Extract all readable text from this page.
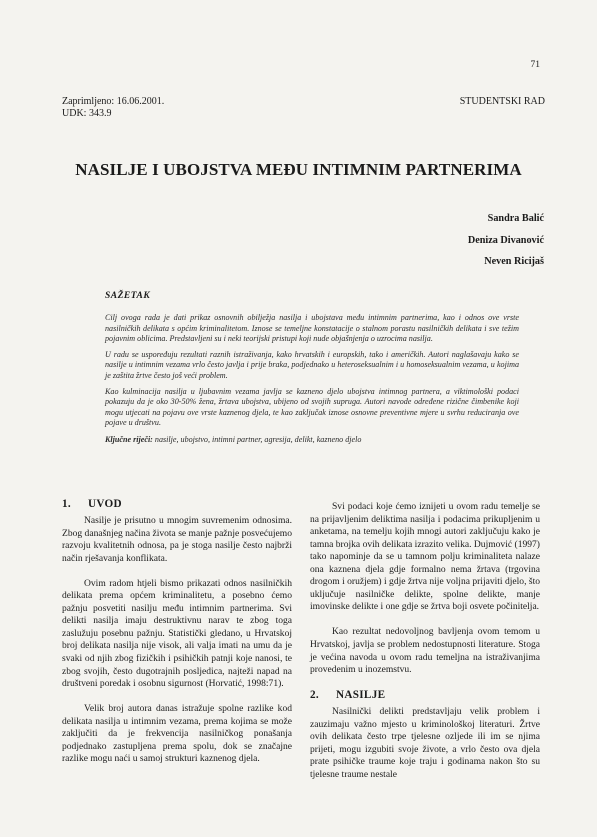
71
Zaprimljeno: 16.06.2001.
UDK: 343.9
STUDENTSKI RAD
NASILJE I UBOJSTVA MEĐU INTIMNIM PARTNERIMA
Sandra Balić
Deniza Divanović
Neven Ricijaš
SAŽETAK

Cilj ovoga rada je dati prikaz osnovnih obilježja nasilja i ubojstava među intimnim partnerima, kao i odnos ove vrste nasilničkih delikata s općim kriminalitetom. Iznose se temeljne konstatacije o stalnom porastu nasilničkih delikata i sve težim pojavnim oblicima. Predstavljeni su i neki teorijski pristupi koji nude objašnjenja o uzrocima nasilja.

U radu se uspoređuju rezultati raznih istraživanja, kako hrvatskih i europskih, tako i američkih. Autori naglašavaju kako se nasilje u intimnim vezama vrlo često javlja i prije braka, podjednako u heteroseksualnim i u homoseksualnim vezama, u kojima je zaštita žrtve često još veći problem.

Kao kulminacija nasilja u ljubavnim vezama javlja se kazneno djelo ubojstva intimnog partnera, a viktimološki podaci pokazuju da je oko 30-50% žena, žrtava ubojstva, ubijeno od svojih supruga. Autori navode određene rizične čimbenike koji mogu utjecati na pojavu ove vrste kaznenog djela, te kao zaključak iznose osnovne preventivne mjere u svrhu reduciranja ove pojave u društvu.

Ključne riječi: nasilje, ubojstvo, intimni partner, agresija, delikt, kazneno djelo
1. UVOD

Nasilje je prisutno u mnogim suvremenim odnosima. Zbog današnjeg načina života se manje pažnje posvećujemo razvoju kvalitetnih odnosa, pa je stoga nasilje često najbrži način rješavanja konflikata.

Ovim radom htjeli bismo prikazati odnos nasilničkih delikata prema općem kriminalitetu, a posebno ćemo pažnju posvetiti nasilju među intimnim partnerima. Svi delikti nasilja imaju destruktivnu narav te zbog toga zaslužuju posebnu pažnju. Statistički gledano, u Hrvatskoj broj delikata nasilja nije visok, ali valja imati na umu da je svaki od njih zbog fizičkih i psihičkih patnji koje nanosi, te zbog svojih, često dugotrajnih posljedica, najteži napad na društveni poredak i osobnu sigurnost (Horvatić, 1998:71).

Velik broj autora danas istražuje spolne razlike kod delikata nasilja u intimnim vezama, prema kojima se može zaključiti da je frekvencija nasilničkog ponašanja podjednako zastupljena prema spolu, dok se značajne razlike mogu naći u samoj strukturi kaznenog djela.

Svi podaci koje ćemo iznijeti u ovom radu temelje se na prijavljenim deliktima nasilja i podacima prikupljenim u anketama, na temelju kojih mnogi autori zaključuju kako je tamna brojka ovih delikata izrazito velika. Dujmović (1997) tako napominje da se u tamnom polju kriminaliteta nalaze ona kaznena djela gdje formalno nema žrtava (trgovina drogom i oružjem) i gdje žrtva nije voljna prijaviti djelo, što uključuje nasilničke delikte, spolne delikte, manje imovinske delikte i one gdje se žrtva boji osvete počinitelja.

Kao rezultat nedovoljnog bavljenja ovom temom u Hrvatskoj, javlja se problem nedostupnosti literature. Stoga je većina navoda u ovom radu temeljna na istraživanjima provedenim u inozemstvu.

2. NASILJE

Nasilnički delikti predstavljaju velik problem i zauzimaju važno mjesto u kriminološkoj literaturi. Žrtve ovih delikata često trpe tjelesne ozljede ili im se njima prijeti, mogu izgubiti svoje živote, a vrlo često ova djela prate psihičke traume koje traju i godinama nakon što su tjelesne traume nestale
